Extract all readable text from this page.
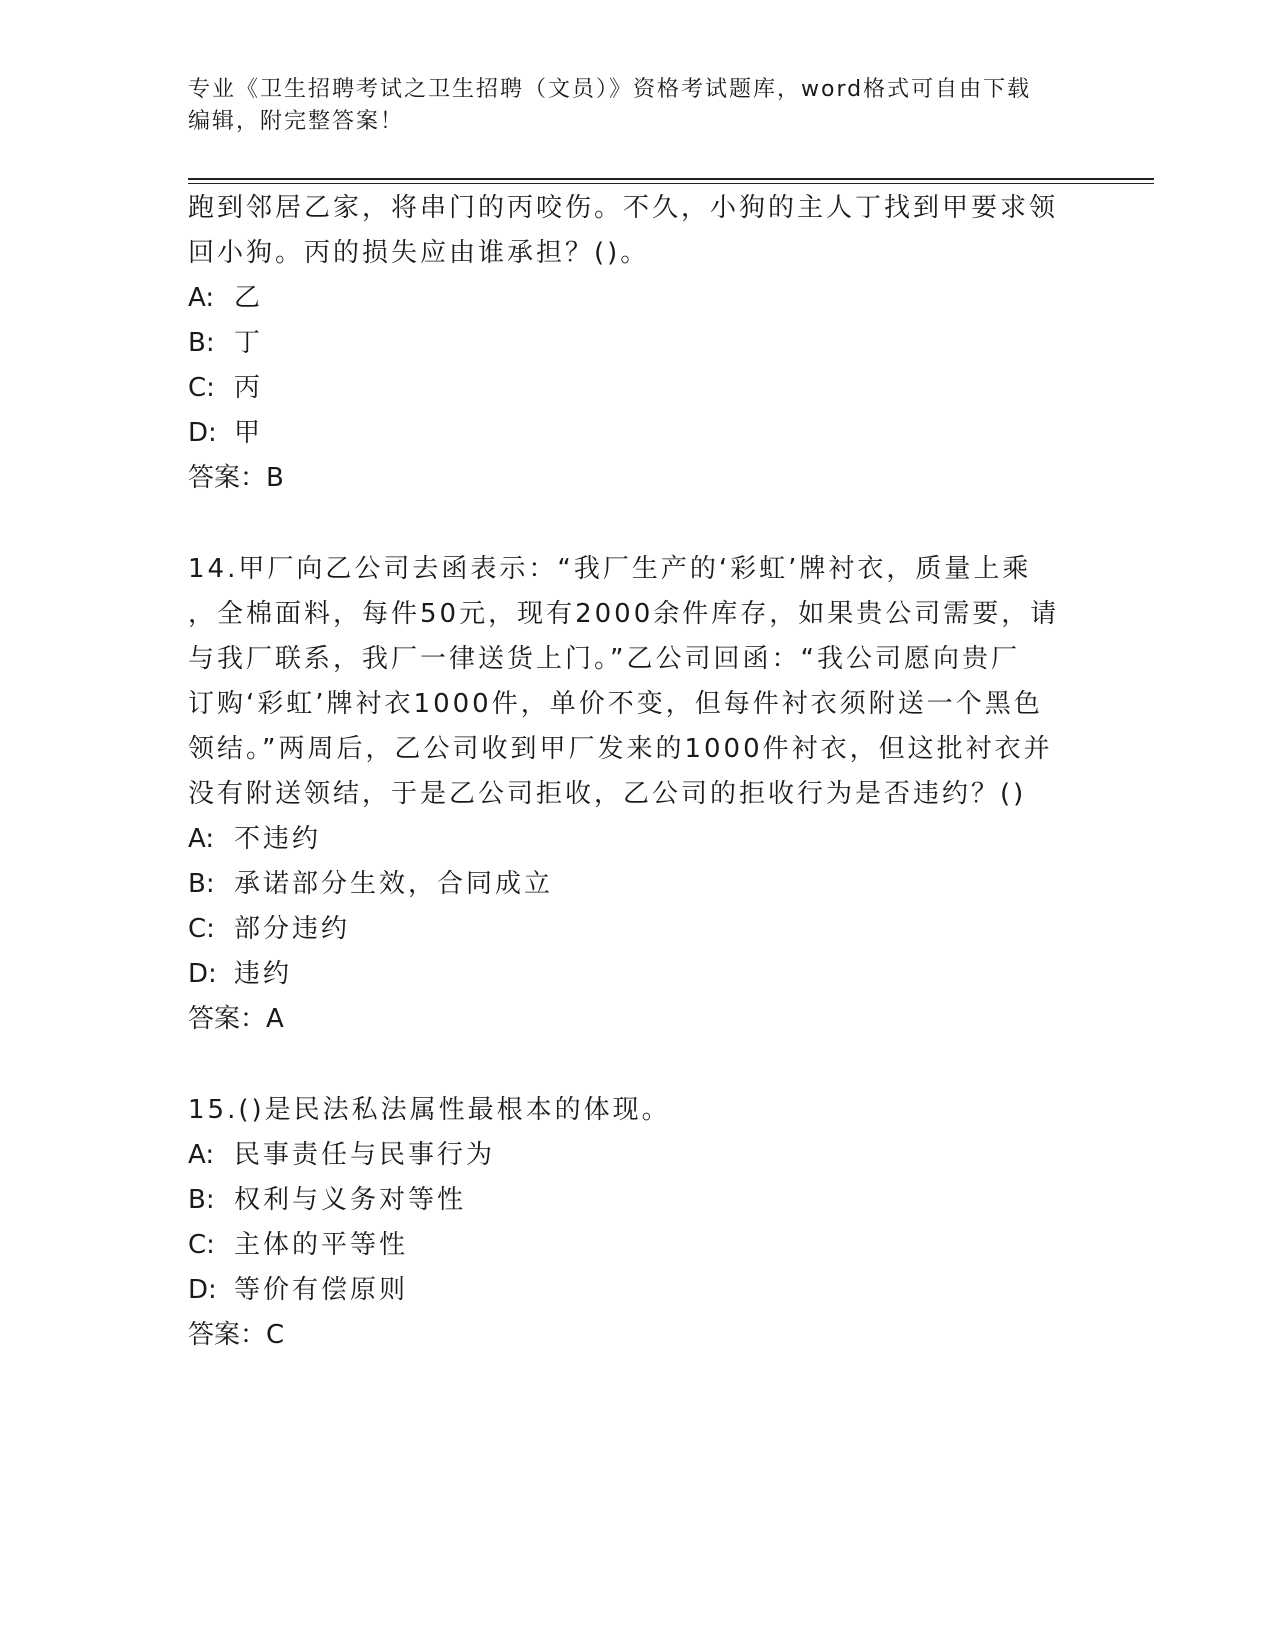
专业《卫生招聘考试之卫生招聘（文员）》资格考试题库，word格式可自由下载
编辑，附完整答案！
跑到邻居乙家，将串门的丙咬伤。不久，小狗的主人丁找到甲要求领
回小狗。丙的损失应由谁承担？()。
A: 乙
B: 丁
C: 丙
D: 甲
答案：B
14.甲厂向乙公司去函表示：“我厂生产的‘彩虹’牌衬衣，质量上乘
，全棉面料，每件50元，现有2000余件库存，如果贵公司需要，请
与我厂联系，我厂一律送货上门。”乙公司回函：“我公司愿向贵厂
订购‘彩虹’牌衬衣1000件，单价不变，但每件衬衣须附送一个黑色
领结。”两周后，乙公司收到甲厂发来的1000件衬衣，但这批衬衣并
没有附送领结，于是乙公司拒收，乙公司的拒收行为是否违约？()
A: 不违约
B: 承诺部分生效，合同成立
C: 部分违约
D: 违约
答案：A
15.()是民法私法属性最根本的体现。
A: 民事责任与民事行为
B: 权利与义务对等性
C: 主体的平等性
D: 等价有偿原则
答案：C
